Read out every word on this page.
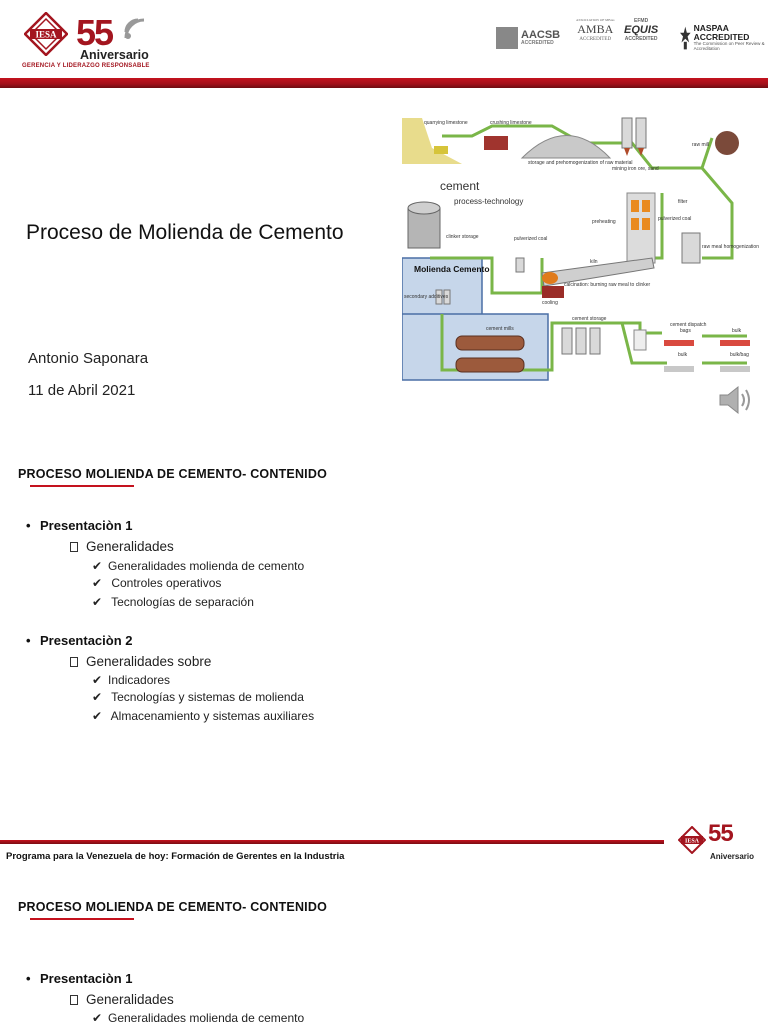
IESA 55
Aniversario
GERENCIA Y LIDERAZGO RESPONSABLE
AACSB
ACCREDITED
ASSOCIATION OF MBAs
AMBA
ACCREDITED
EFMD
EQUIS
ACCREDITED
NASPAA
ACCREDITED
The Commission on Peer Review & Accreditation
Proceso de Molienda de Cemento
Antonio Saponara
11 de Abril 2021
quarrying limestone	crushing limestone
storage and prehomogenization of raw material
mining iron ore, sand
raw mill
filter
preheating	pulverized coal
raw meal homogenization
clinker storage	pulverized coal
kiln
calcination: burning raw meal to clinker
cooling
secondary additives
cement mills
cement storage
cement dispatch
bags	bulk
bulk	bulk/bag
cement
process-technology
Molienda Cemento
PROCESO MOLIENDA DE CEMENTO- CONTENIDO
• Presentaciòn 1
Generalidades
✔ Generalidades molienda de cemento
✔ Controles operativos
✔ Tecnologías de separación
• Presentaciòn 2
Generalidades sobre
✔ Indicadores
✔ Tecnologías y sistemas de molienda
✔ Almacenamiento y sistemas auxiliares
Programa para la Venezuela de hoy: Formación de Gerentes en la Industria
IESA 55
Aniversario
PROCESO MOLIENDA DE CEMENTO- CONTENIDO
• Presentaciòn 1
Generalidades
✔ Generalidades molienda de cemento
